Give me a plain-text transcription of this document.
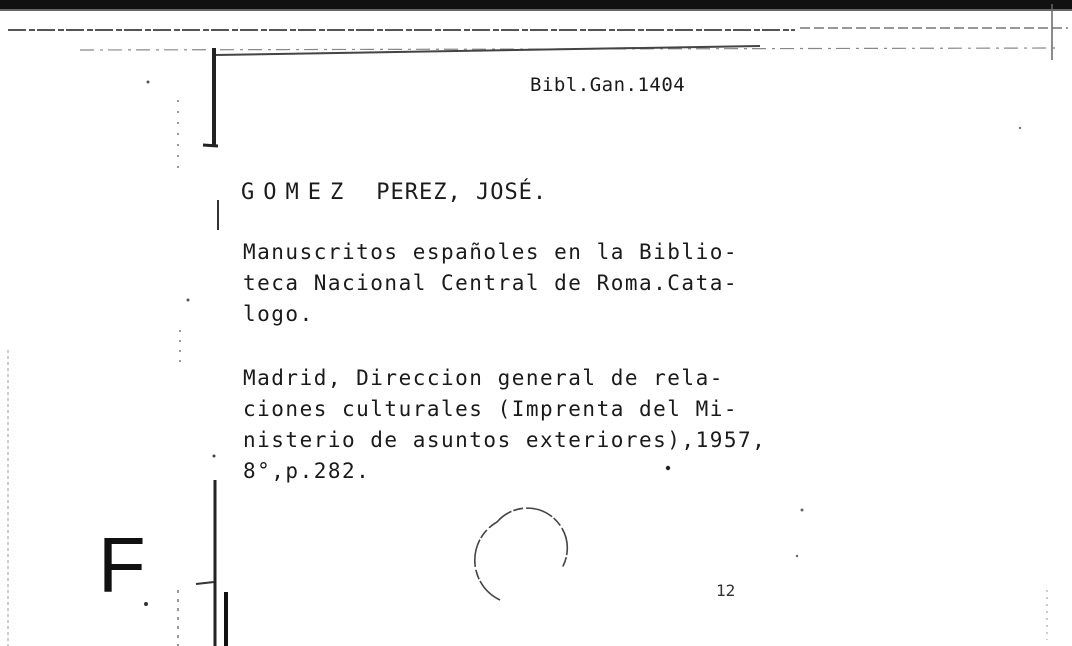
Bibl.Gan.1404
GOMEZ PEREZ, JOSÉ.
Manuscritos españoles en la Biblio-
teca Nacional Central de Roma.Cata-
logo.
Madrid, Direccion general de rela-
ciones culturales (Imprenta del Mi-
nisterio de asuntos exteriores),1957,
8°,p.282.
F	12
